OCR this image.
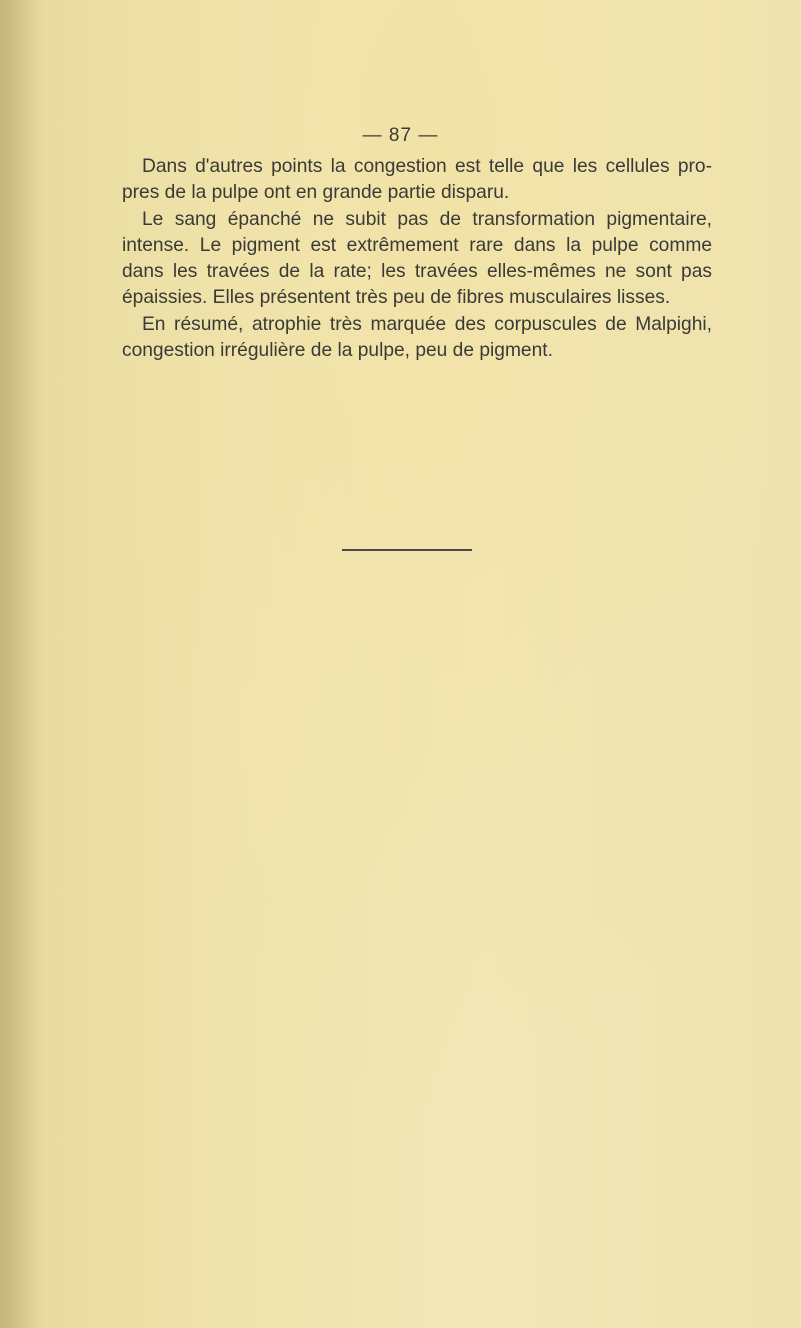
— 87 —
Dans d'autres points la congestion est telle que les cellules pro-
pres de la pulpe ont en grande partie disparu.
Le sang épanché ne subit pas de transformation pigmentaire,
intense. Le pigment est extrêmement rare dans la pulpe comme
dans les travées de la rate; les travées elles-mêmes ne sont pas
épaissies. Elles présentent très peu de fibres musculaires lisses.
En résumé, atrophie très marquée des corpuscules de Malpighi,
congestion irrégulière de la pulpe, peu de pigment.
